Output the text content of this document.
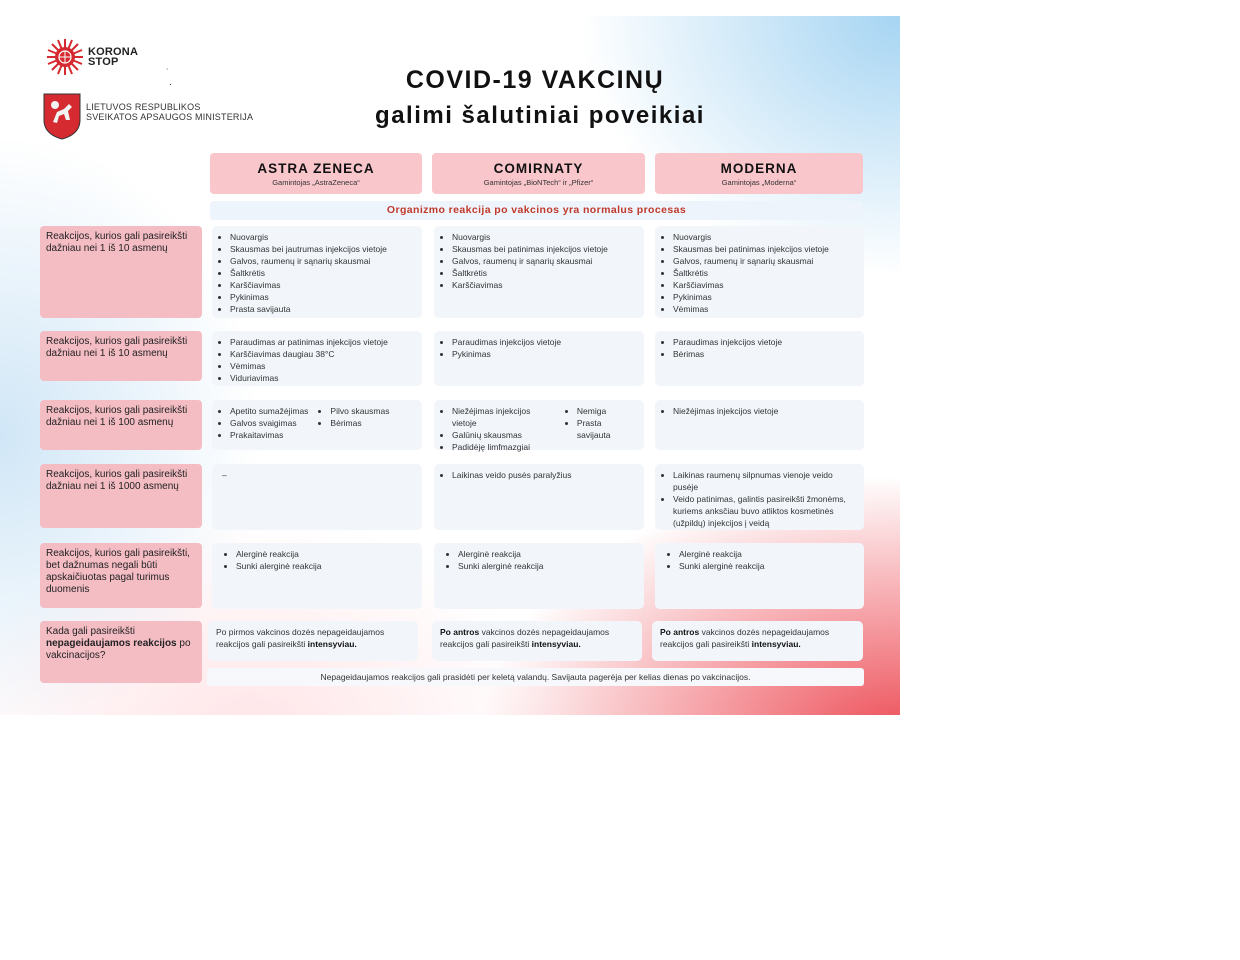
KORONA
STOP
˙
·
LIETUVOS RESPUBLIKOS
SVEIKATOS APSAUGOS MINISTERIJA
COVID-19 VAKCINŲ
galimi šalutiniai poveikiai
ASTRA ZENECA
Gamintojas „AstraZeneca“
COMIRNATY
Gamintojas „BioNTech“ ir „Pfizer“
MODERNA
Gamintojas „Moderna“
Organizmo reakcija po vakcinos yra normalus procesas
Reakcijos, kurios gali pasireikšti dažniau nei 1 iš 10 asmenų
• Nuovargis
• Skausmas bei jautrumas injekcijos vietoje
• Galvos, raumenų ir sąnarių skausmai
• Šaltkrėtis
• Karščiavimas
• Pykinimas
• Prasta savijauta
• Nuovargis
• Skausmas bei patinimas injekcijos vietoje
• Galvos, raumenų ir sąnarių skausmai
• Šaltkrėtis
• Karščiavimas
• Nuovargis
• Skausmas bei patinimas injekcijos vietoje
• Galvos, raumenų ir sąnarių skausmai
• Šaltkrėtis
• Karščiavimas
• Pykinimas
• Vėmimas
Reakcijos, kurios gali pasireikšti dažniau nei 1 iš 10 asmenų
• Paraudimas ar patinimas injekcijos vietoje
• Karščiavimas daugiau 38°C
• Vėmimas
• Viduriavimas
• Paraudimas injekcijos vietoje
• Pykinimas
• Paraudimas injekcijos vietoje
• Bėrimas
Reakcijos, kurios gali pasireikšti dažniau nei 1 iš 100 asmenų
• Apetito sumažėjimas
• Galvos svaigimas
• Prakaitavimas
• Pilvo skausmas
• Bėrimas
• Niežėjimas injekcijos vietoje
• Galūnių skausmas
• Padidėję limfmazgiai
• Nemiga
• Prasta savijauta
• Niežėjimas injekcijos vietoje
Reakcijos, kurios gali pasireikšti dažniau nei 1 iš 1000 asmenų
–	• Laikinas veido pusės paralyžius	• Laikinas raumenų silpnumas vienoje veido pusėje
• Veido patinimas, galintis pasireikšti žmonėms, kuriems anksčiau buvo atliktos kosmetinės (užpildų) injekcijos į veidą
Reakcijos, kurios gali pasireikšti, bet dažnumas negali būti apskaičiuotas pagal turimus duomenis
• Alerginė reakcija
• Sunki alerginė reakcija
• Alerginė reakcija
• Sunki alerginė reakcija
• Alerginė reakcija
• Sunki alerginė reakcija
Kada gali pasireikšti nepageidaujamos reakcijos po vakcinacijos?
Po pirmos vakcinos dozės nepageidaujamos reakcijos gali pasireikšti intensyviau.
Po antros vakcinos dozės nepageidaujamos reakcijos gali pasireikšti intensyviau.
Po antros vakcinos dozės nepageidaujamos reakcijos gali pasireikšti intensyviau.
Nepageidaujamos reakcijos gali prasidėti per keletą valandų. Savijauta pagerėja per kelias dienas po vakcinacijos.
